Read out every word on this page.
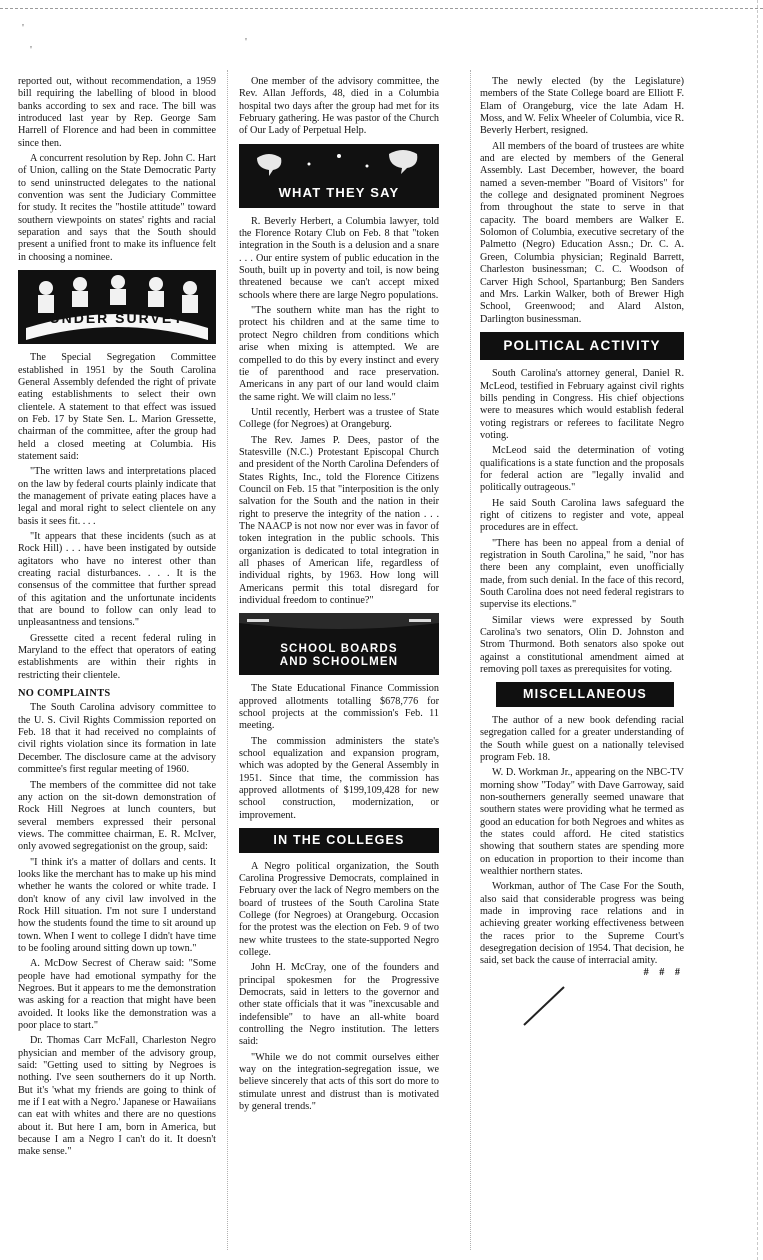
'
'
'

reported out, without recommendation, a 1959 bill requiring the labelling of blood in blood banks according to sex and race. The bill was introduced last year by Rep. George Sam Harrell of Florence and had been in committee since then.

A concurrent resolution by Rep. John C. Hart of Union, calling on the State Democratic Party to send uninstructed delegates to the national convention was sent the Judiciary Committee for study. It recites the "hostile attitude" toward southern viewpoints on states' rights and racial separation and says that the South should present a unified front to make its influence felt in choosing a nominee.

UNDER SURVEY

The Special Segregation Committee established in 1951 by the South Carolina General Assembly defended the right of private eating establishments to select their own clientele. A statement to that effect was issued on Feb. 17 by State Sen. L. Marion Gressette, chairman of the committee, after the group had held a closed meeting at Columbia. His statement said:

"The written laws and interpretations placed on the law by federal courts plainly indicate that the management of private eating places have a legal and moral right to select clientele on any basis it sees fit. . . .

"It appears that these incidents (such as at Rock Hill) . . . have been instigated by outside agitators who have no interest other than creating racial disturbances. . . . It is the consensus of the committee that further spread of this agitation and the unfortunate incidents that are bound to follow can only lead to unpleasantness and tensions."

Gressette cited a recent federal ruling in Maryland to the effect that operators of eating establishments are within their rights in restricting their clientele.

NO COMPLAINTS

The South Carolina advisory committee to the U. S. Civil Rights Commission reported on Feb. 18 that it had received no complaints of civil rights violation since its formation in late December. The disclosure came at the advisory committee's first regular meeting of 1960.

The members of the committee did not take any action on the sit-down demonstration of Rock Hill Negroes at lunch counters, but several members expressed their personal views. The committee chairman, E. R. McIver, only avowed segregationist on the group, said:

"I think it's a matter of dollars and cents. It looks like the merchant has to make up his mind whether he wants the colored or white trade. I don't know of any civil law involved in the Rock Hill situation. I'm not sure I understand how the students found the time to sit around up town. When I went to college I didn't have time to be fooling around sitting down up town."

A. McDow Secrest of Cheraw said: "Some people have had emotional sympathy for the Negroes. But it appears to me the demonstration was asking for a reaction that might have been avoided. It looks like the demonstration was a poor place to start."

Dr. Thomas Carr McFall, Charleston Negro physician and member of the advisory group, said: "Getting used to sitting by Negroes is nothing. I've seen southerners do it up North. But it's 'what my friends are going to think of me if I eat with a Negro.' Japanese or Hawaiians can eat with whites and there are no questions about it. But here I am, born in America, but because I am a Negro I can't do it. It doesn't make sense."

One member of the advisory committee, the Rev. Allan Jeffords, 48, died in a Columbia hospital two days after the group had met for its February gathering. He was pastor of the Church of Our Lady of Perpetual Help.

WHAT THEY SAY

R. Beverly Herbert, a Columbia lawyer, told the Florence Rotary Club on Feb. 8 that "token integration in the South is a delusion and a snare . . . Our entire system of public education in the South, built up in poverty and toil, is now being threatened because we can't accept mixed schools where there are large Negro populations.

"The southern white man has the right to protect his children and at the same time to protect Negro children from conditions which arise when mixing is attempted. We are compelled to do this by every instinct and every tie of parenthood and race preservation. Americans in any part of our land would claim the same right. We will claim no less."

Until recently, Herbert was a trustee of State College (for Negroes) at Orangeburg.

The Rev. James P. Dees, pastor of the Statesville (N.C.) Protestant Episcopal Church and president of the North Carolina Defenders of States Rights, Inc., told the Florence Citizens Council on Feb. 15 that "interposition is the only salvation for the South and the nation in their right to preserve the integrity of the nation . . . The NAACP is not now nor ever was in favor of token integration in the public schools. This organization is dedicated to total integration in all phases of American life, regardless of individual rights, by 1963. How long will Americans permit this total disregard for individual freedom to continue?"

SCHOOL BOARDS
AND SCHOOLMEN

The State Educational Finance Commission approved allotments totalling $678,776 for school projects at the commission's Feb. 11 meeting.

The commission administers the state's school equalization and expansion program, which was adopted by the General Assembly in 1951. Since that time, the commission has approved allotments of $199,109,428 for new school construction, modernization, or improvement.

IN THE COLLEGES

A Negro political organization, the South Carolina Progressive Democrats, complained in February over the lack of Negro members on the board of trustees of the South Carolina State College (for Negroes) at Orangeburg. Occasion for the protest was the election on Feb. 9 of two new white trustees to the state-supported Negro college.

John H. McCray, one of the founders and principal spokesmen for the Progressive Democrats, said in letters to the governor and other state officials that it was "inexcusable and indefensible" to have an all-white board controlling the Negro institution. The letters said:

"While we do not commit ourselves either way on the integration-segregation issue, we believe sincerely that acts of this sort do more to stimulate unrest and distrust than is motivated by general trends."

The newly elected (by the Legislature) members of the State College board are Elliott F. Elam of Orangeburg, vice the late Adam H. Moss, and W. Felix Wheeler of Columbia, vice R. Beverly Herbert, resigned.

All members of the board of trustees are white and are elected by members of the General Assembly. Last December, however, the board named a seven-member "Board of Visitors" for the college and designated prominent Negroes from throughout the state to serve in that capacity. The board members are Walker E. Solomon of Columbia, executive secretary of the Palmetto (Negro) Education Assn.; Dr. C. A. Green, Columbia physician; Reginald Barrett, Charleston businessman; C. C. Woodson of Carver High School, Spartanburg; Ben Sanders and Mrs. Larkin Walker, both of Brewer High School, Greenwood; and Alard Alston, Darlington businessman.

POLITICAL ACTIVITY

South Carolina's attorney general, Daniel R. McLeod, testified in February against civil rights bills pending in Congress. His chief objections were to measures which would establish federal voting registrars or referees to facilitate Negro voting.

McLeod said the determination of voting qualifications is a state function and the proposals for federal action are "legally invalid and politically outrageous."

He said South Carolina laws safeguard the right of citizens to register and vote, appeal procedures are in effect.

"There has been no appeal from a denial of registration in South Carolina," he said, "nor has there been any complaint, even unofficially made, from such denial. In the face of this record, South Carolina does not need federal registrars to supervise its elections."

Similar views were expressed by South Carolina's two senators, Olin D. Johnston and Strom Thurmond. Both senators also spoke out against a constitutional amendment aimed at removing poll taxes as prerequisites for voting.

MISCELLANEOUS

The author of a new book defending racial segregation called for a greater understanding of the South while guest on a nationally televised program Feb. 18.

W. D. Workman Jr., appearing on the NBC-TV morning show "Today" with Dave Garroway, said non-southerners generally seemed unaware that southern states were providing what he termed as good an education for both Negroes and whites as the states could afford. He cited statistics showing that southern states are spending more on education in proportion to their income than wealthier northern states.

Workman, author of The Case For the South, also said that considerable progress was being made in improving race relations and in achieving greater working effectiveness between the races prior to the Supreme Court's desegregation decision of 1954. That decision, he said, set back the cause of interracial amity.

# # #
